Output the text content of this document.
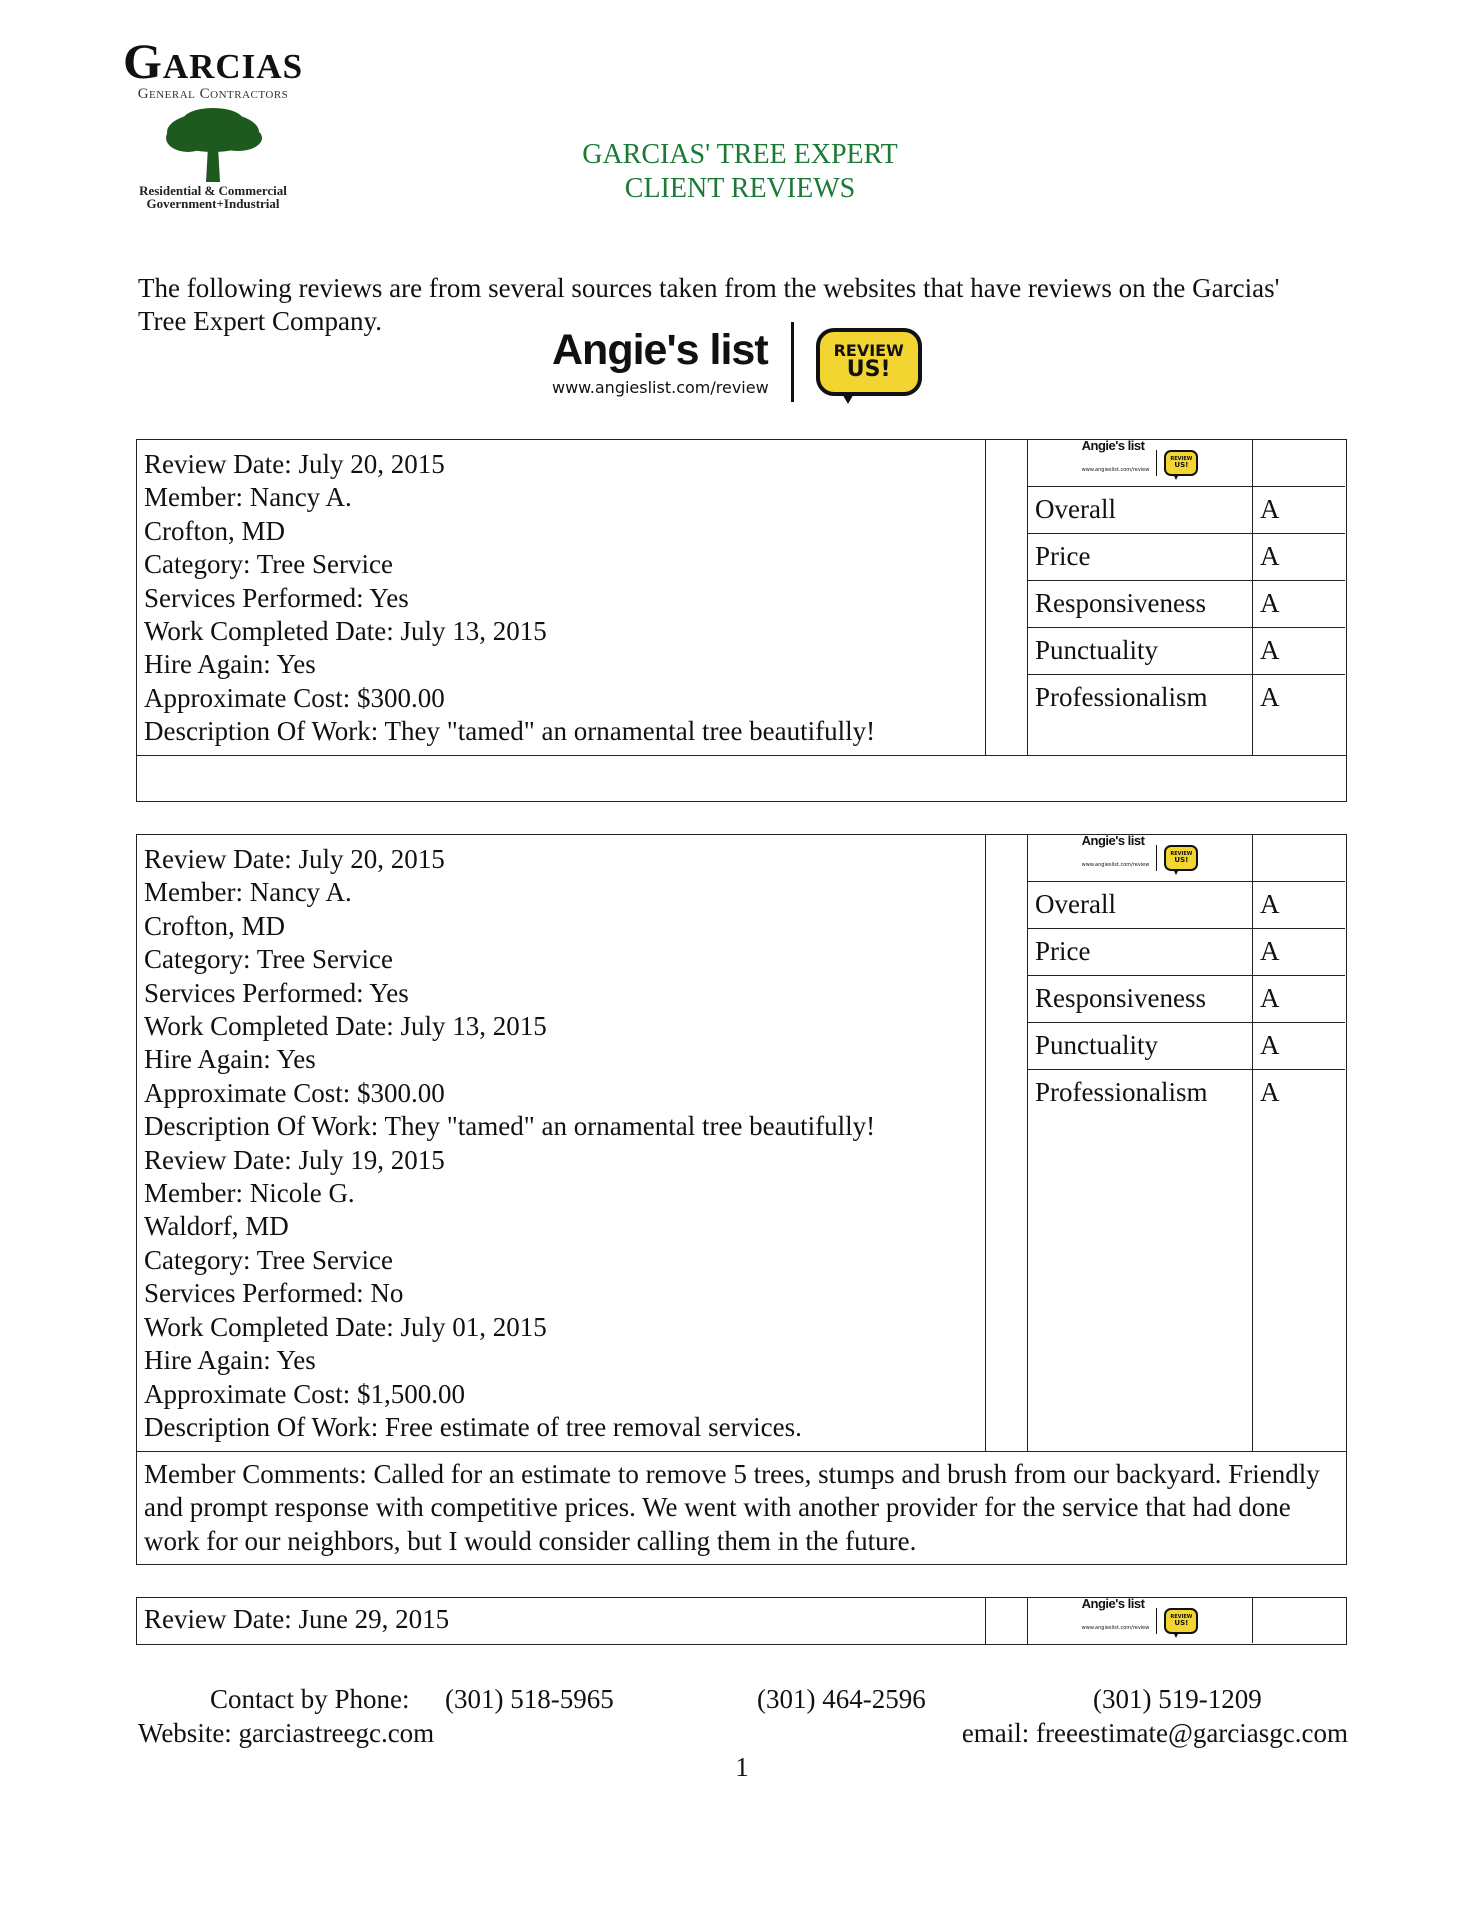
Garcias
General Contractors
Residential & Commercial
Government+Industrial
GARCIAS' TREE EXPERT
CLIENT REVIEWS
The following reviews are from several sources taken from the websites that have reviews on the Garcias' Tree Expert Company.
Angie's list
www.angieslist.com/review
REVIEW
US!
Review Date: July 20, 2015
Member: Nancy A.
Crofton, MD
Category: Tree Service
Services Performed: Yes
Work Completed Date: July 13, 2015
Hire Again: Yes
Approximate Cost: $300.00
Description Of Work: They "tamed" an ornamental tree beautifully!
Angie's list
www.angieslist.com/review
REVIEW
US!
Overall	A
Price	A
Responsiveness	A
Punctuality	A
Professionalism	A
Review Date: July 20, 2015
Member: Nancy A.
Crofton, MD
Category: Tree Service
Services Performed: Yes
Work Completed Date: July 13, 2015
Hire Again: Yes
Approximate Cost: $300.00
Description Of Work: They "tamed" an ornamental tree beautifully!
Review Date: July 19, 2015
Member: Nicole G.
Waldorf, MD
Category: Tree Service
Services Performed: No
Work Completed Date: July 01, 2015
Hire Again: Yes
Approximate Cost: $1,500.00
Description Of Work: Free estimate of tree removal services.
Angie's list
www.angieslist.com/review
REVIEW
US!
Overall	A
Price	A
Responsiveness	A
Punctuality	A
Professionalism	A
Member Comments: Called for an estimate to remove 5 trees, stumps and brush from our backyard. Friendly and prompt response with competitive prices. We went with another provider for the service that had done work for our neighbors, but I would consider calling them in the future.
Review Date: June 29, 2015
Angie's list
www.angieslist.com/review
REVIEW
US!
Contact by Phone: (301) 518-5965	(301) 464-2596	(301) 519-1209
Website: garciastreegc.com	email: freeestimate@garciasgc.com
1
